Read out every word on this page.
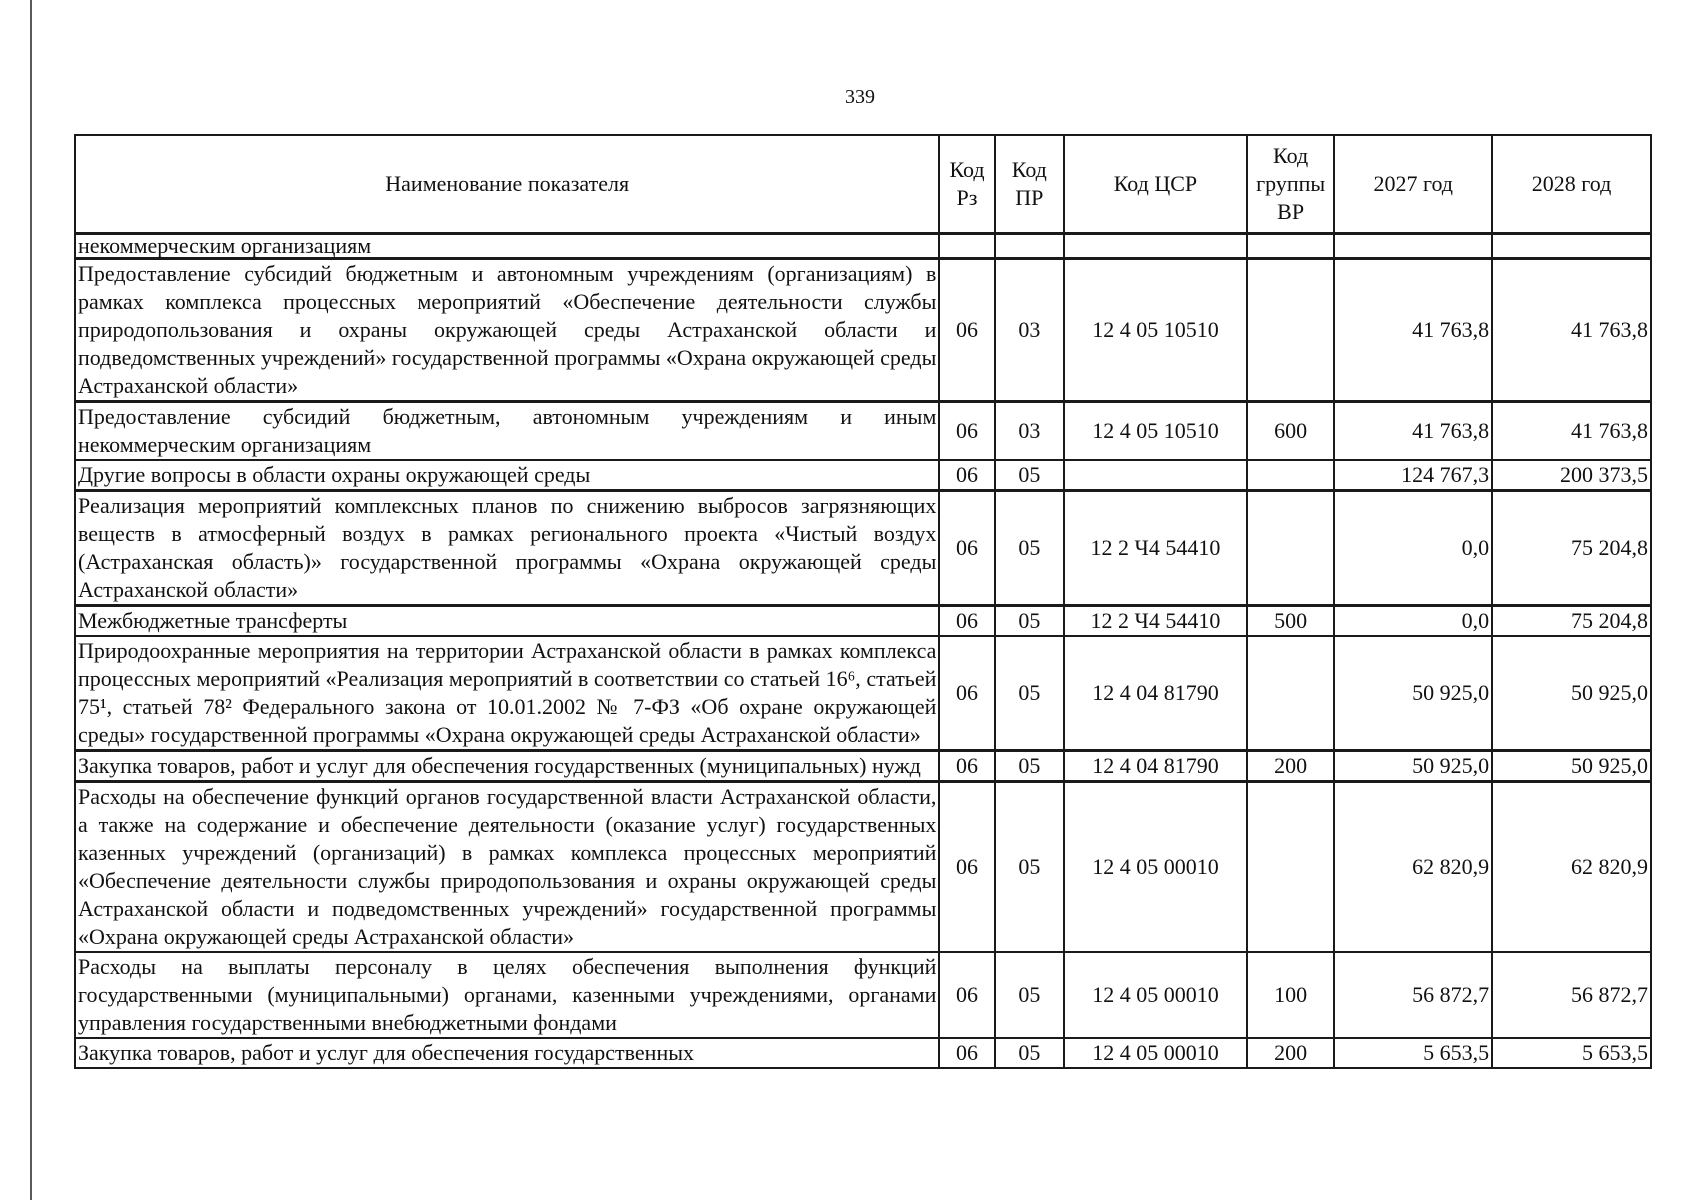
339
Наименование показателя	Код Рз	Код ПР	Код ЦСР	Код группы ВР	2027 год	2028 год
некоммерческим организациям						
Предоставление субсидий бюджетным и автономным учреждениям (организациям) в рамках комплекса процессных мероприятий «Обеспечение деятельности службы природопользования и охраны окружающей среды Астраханской области и подведомственных учреждений» государственной программы «Охрана окружающей среды Астраханской области»	06	03	12 4 05 10510		41 763,8	41 763,8
Предоставление субсидий бюджетным, автономным учреждениям и иным некоммерческим организациям	06	03	12 4 05 10510	600	41 763,8	41 763,8
Другие вопросы в области охраны окружающей среды	06	05			124 767,3	200 373,5
Реализация мероприятий комплексных планов по снижению выбросов загрязняющих веществ в атмосферный воздух в рамках регионального проекта «Чистый воздух (Астраханская область)» государственной программы «Охрана окружающей среды Астраханской области»	06	05	12 2 Ч4 54410		0,0	75 204,8
Межбюджетные трансферты	06	05	12 2 Ч4 54410	500	0,0	75 204,8
Природоохранные мероприятия на территории Астраханской области в рамках комплекса процессных мероприятий «Реализация мероприятий в соответствии со статьей 16⁶, статьей 75¹, статьей 78² Федерального закона от 10.01.2002 № 7-ФЗ «Об охране окружающей среды» государственной программы «Охрана окружающей среды Астраханской области»	06	05	12 4 04 81790		50 925,0	50 925,0
Закупка товаров, работ и услуг для обеспечения государственных (муниципальных) нужд	06	05	12 4 04 81790	200	50 925,0	50 925,0
Расходы на обеспечение функций органов государственной власти Астраханской области, а также на содержание и обеспечение деятельности (оказание услуг) государственных казенных учреждений (организаций) в рамках комплекса процессных мероприятий «Обеспечение деятельности службы природопользования и охраны окружающей среды Астраханской области и подведомственных учреждений» государственной программы «Охрана окружающей среды Астраханской области»	06	05	12 4 05 00010		62 820,9	62 820,9
Расходы на выплаты персоналу в целях обеспечения выполнения функций государственными (муниципальными) органами, казенными учреждениями, органами управления государственными внебюджетными фондами	06	05	12 4 05 00010	100	56 872,7	56 872,7
Закупка товаров, работ и услуг для обеспечения государственных	06	05	12 4 05 00010	200	5 653,5	5 653,5
